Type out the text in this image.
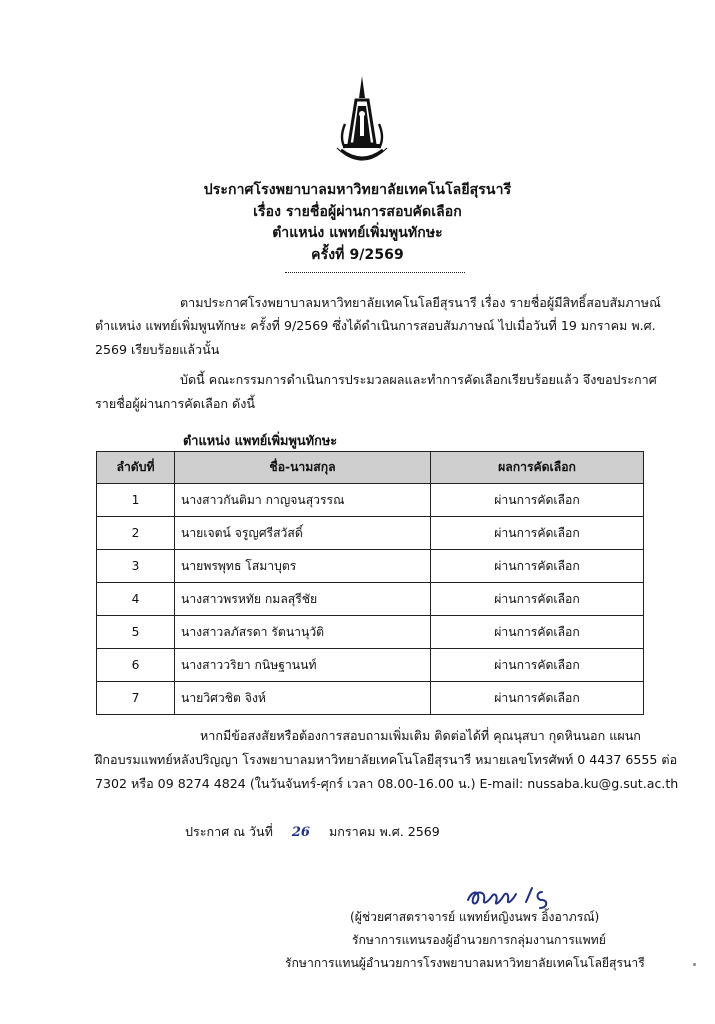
ประกาศโรงพยาบาลมหาวิทยาลัยเทคโนโลยีสุรนารี
เรื่อง รายชื่อผู้ผ่านการสอบคัดเลือก
ตำแหน่ง แพทย์เพิ่มพูนทักษะ
ครั้งที่ 9/2569
ตามประกาศโรงพยาบาลมหาวิทยาลัยเทคโนโลยีสุรนารี เรื่อง รายชื่อผู้มีสิทธิ์สอบสัมภาษณ์
ตำแหน่ง แพทย์เพิ่มพูนทักษะ ครั้งที่ 9/2569 ซึ่งได้ดำเนินการสอบสัมภาษณ์ ไปเมื่อวันที่ 19 มกราคม พ.ศ.
2569 เรียบร้อยแล้วนั้น
บัดนี้ คณะกรรมการดำเนินการประมวลผลและทำการคัดเลือกเรียบร้อยแล้ว จึงขอประกาศ
รายชื่อผู้ผ่านการคัดเลือก ดังนี้
ตำแหน่ง แพทย์เพิ่มพูนทักษะ
ลำดับที่	ชื่อ-นามสกุล	ผลการคัดเลือก
1	นางสาวกันติมา กาญจนสุวรรณ	ผ่านการคัดเลือก
2	นายเจตน์ จรูญศรีสวัสดิ์	ผ่านการคัดเลือก
3	นายพรพุทธ โสมาบุตร	ผ่านการคัดเลือก
4	นางสาวพรหทัย กมลสุรีชัย	ผ่านการคัดเลือก
5	นางสาวลภัสรดา รัตนานุวัติ	ผ่านการคัดเลือก
6	นางสาววริยา กนิษฐานนท์	ผ่านการคัดเลือก
7	นายวิศวชิต จิงห์	ผ่านการคัดเลือก
หากมีข้อสงสัยหรือต้องการสอบถามเพิ่มเติม ติดต่อได้ที่ คุณนุสบา กุดหินนอก แผนก
ฝึกอบรมแพทย์หลังปริญญา โรงพยาบาลมหาวิทยาลัยเทคโนโลยีสุรนารี หมายเลขโทรศัพท์ 0 4437 6555 ต่อ
7302 หรือ 09 8274 4824 (ในวันจันทร์-ศุกร์ เวลา 08.00-16.00 น.) E-mail: nussaba.ku@g.sut.ac.th
ประกาศ ณ วันที่ 26 มกราคม พ.ศ. 2569
(ผู้ช่วยศาสตราจารย์ แพทย์หญิงนพร อิ้งอาภรณ์)
รักษาการแทนรองผู้อำนวยการกลุ่มงานการแพทย์
รักษาการแทนผู้อำนวยการโรงพยาบาลมหาวิทยาลัยเทคโนโลยีสุรนารี
